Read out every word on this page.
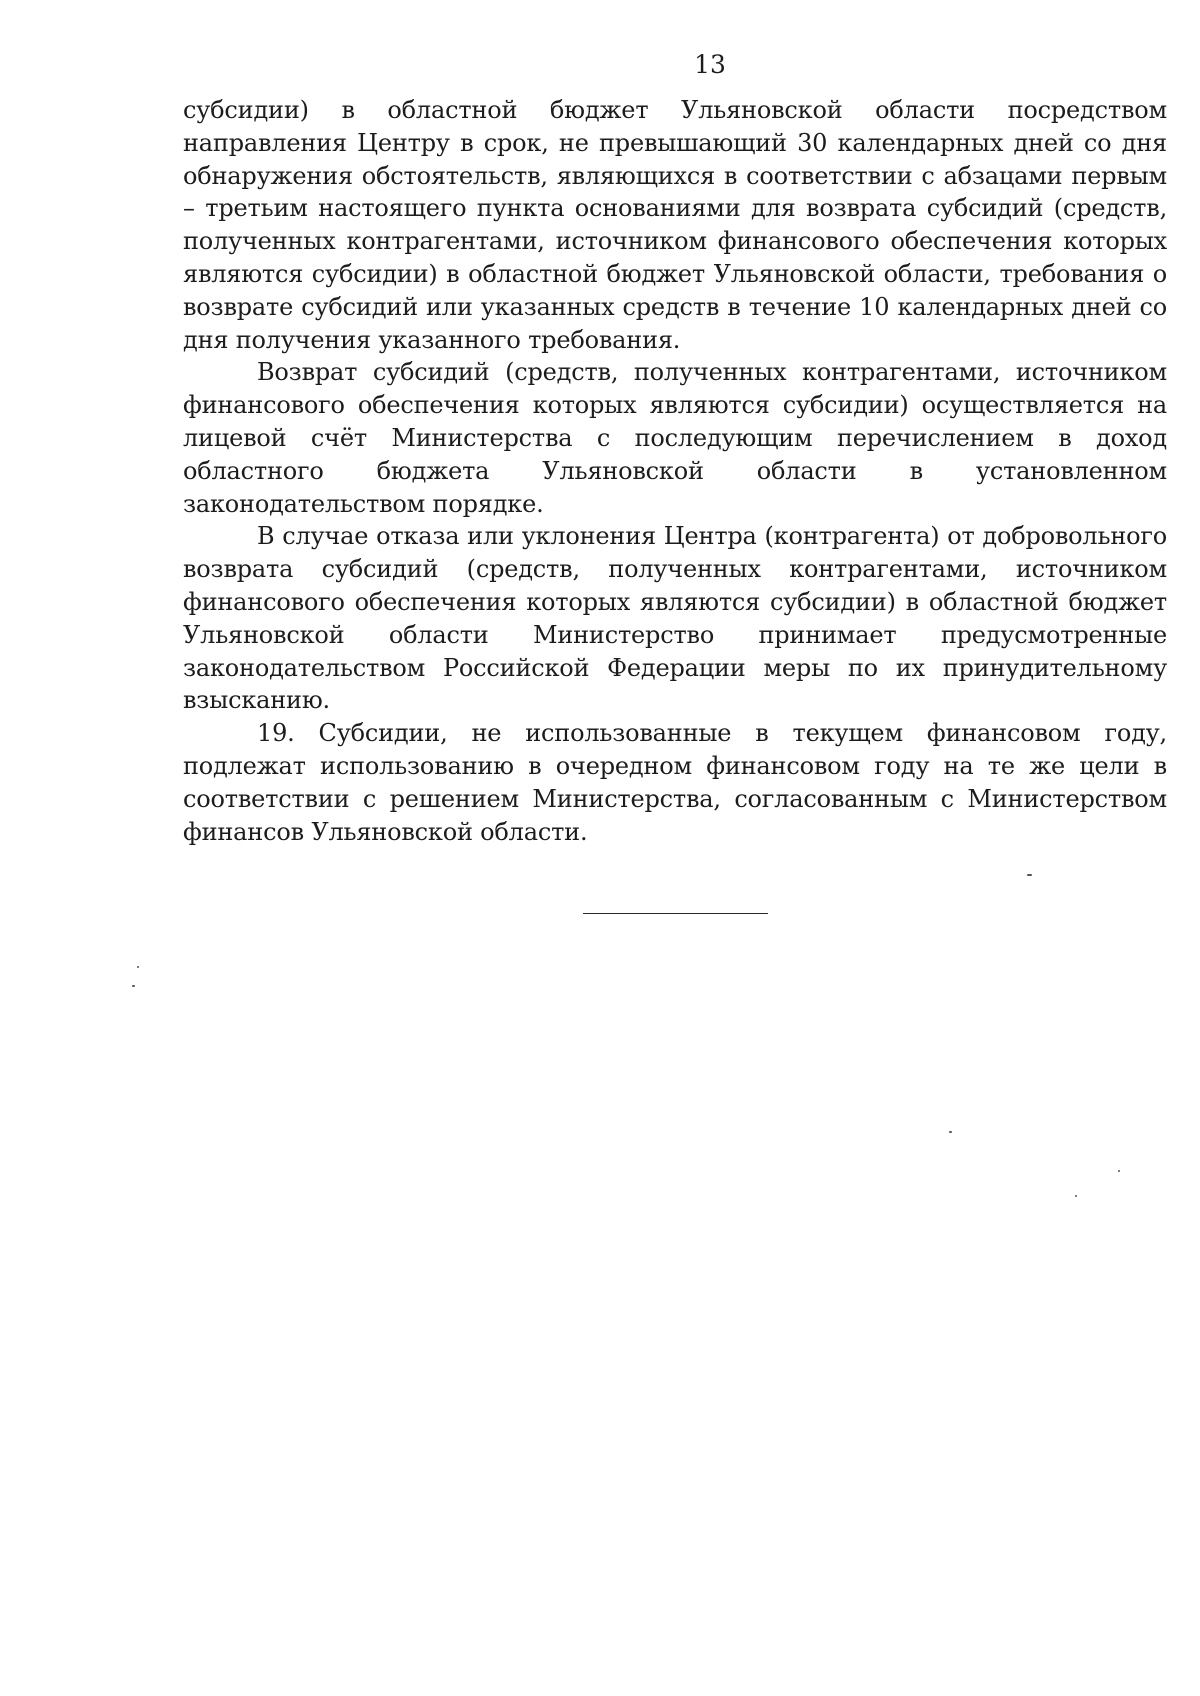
13

субсидии) в областной бюджет Ульяновской области посредством направления Центру в срок, не превышающий 30 календарных дней со дня обнаружения обстоятельств, являющихся в соответствии с абзацами первым – третьим настоящего пункта основаниями для возврата субсидий (средств, полученных контрагентами, источником финансового обеспечения которых являются субсидии) в областной бюджет Ульяновской области, требования о возврате субсидий или указанных средств в течение 10 календарных дней со дня получения указанного требования.

Возврат субсидий (средств, полученных контрагентами, источником финансового обеспечения которых являются субсидии) осуществляется на лицевой счёт Министерства с последующим перечислением в доход областного бюджета Ульяновской области в установленном законодательством порядке.

В случае отказа или уклонения Центра (контрагента) от добровольного возврата субсидий (средств, полученных контрагентами, источником финансового обеспечения которых являются субсидии) в областной бюджет Ульяновской области Министерство принимает предусмотренные законодательством Российской Федерации меры по их принудительному взысканию.

19. Субсидии, не использованные в текущем финансовом году, подлежат использованию в очередном финансовом году на те же цели в соответствии с решением Министерства, согласованным с Министерством финансов Ульяновской области.
